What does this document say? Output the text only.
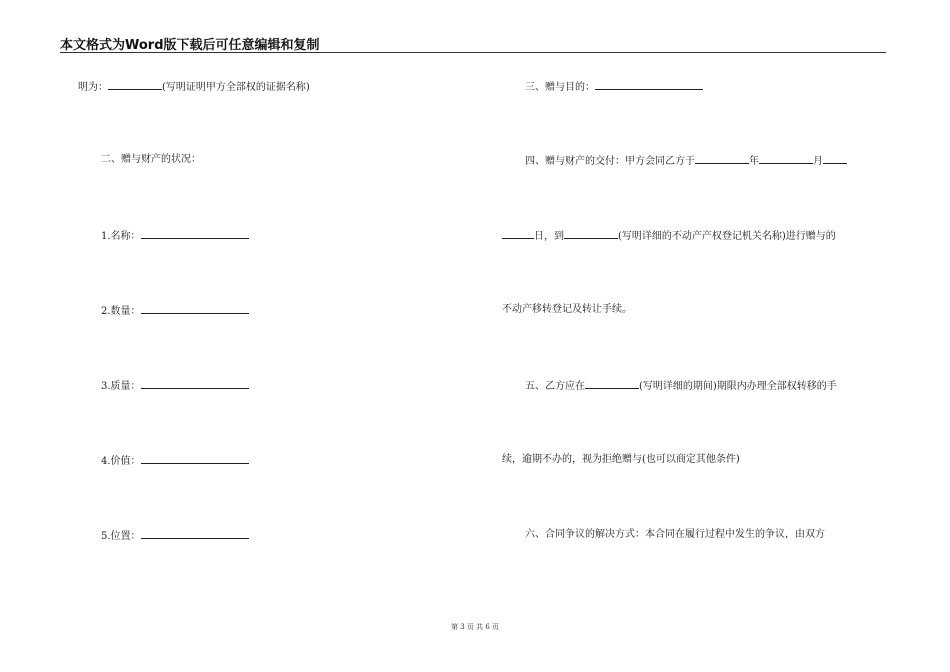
本文格式为Word版下载后可任意编辑和复制
明为：	(写明证明甲方全部权的证据名称)
二、赠与财产的状况：
1.名称：
2.数量：
3.质量：
4.价值：
5.位置：
三、赠与目的：
四、赠与财产的交付：甲方会同乙方于	年	月
日，到	(写明详细的不动产产权登记机关名称)进行赠与的
不动产移转登记及转让手续。
五、乙方应在	(写明详细的期间)期限内办理全部权转移的手
续，逾期不办的，视为拒绝赠与(也可以商定其他条件)
六、合同争议的解决方式：本合同在履行过程中发生的争议，由双方
第 3 页 共 6 页
